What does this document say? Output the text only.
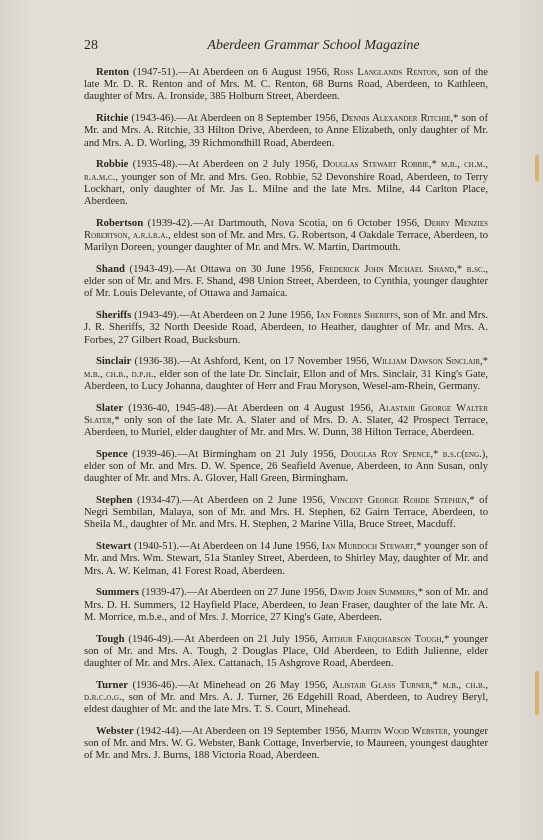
28	Aberdeen Grammar School Magazine

Renton (1947-51).—At Aberdeen on 6 August 1956, Ross Langlands Renton, son of the late Mr. D. R. Renton and of Mrs. M. C. Renton, 68 Burns Road, Aberdeen, to Kathleen, daughter of Mrs. A. Ironside, 385 Holburn Street, Aberdeen.

Ritchie (1943-46).—At Aberdeen on 8 September 1956, Dennis Alexander Ritchie,* son of Mr. and Mrs. A. Ritchie, 33 Hilton Drive, Aberdeen, to Anne Elizabeth, only daughter of Mr. and Mrs. A. D. Worling, 39 Richmondhill Road, Aberdeen.

Robbie (1935-48).—At Aberdeen on 2 July 1956, Douglas Stewart Robbie,* m.b., ch.m., r.a.m.c., younger son of Mr. and Mrs. Geo. Robbie, 52 Devonshire Road, Aberdeen, to Terry Lockhart, only daughter of Mr. Jas L. Milne and the late Mrs. Milne, 44 Carlton Place, Aberdeen.

Robertson (1939-42).—At Dartmouth, Nova Scotia, on 6 October 1956, Derry Menzies Robertson, a.r.i.b.a., eldest son of Mr. and Mrs. G. Robertson, 4 Oakdale Terrace, Aberdeen, to Marilyn Doreen, younger daughter of Mr. and Mrs. W. Martin, Dartmouth.

Shand (1943-49).—At Ottawa on 30 June 1956, Frederick John Michael Shand,* b.sc., elder son of Mr. and Mrs. F. Shand, 498 Union Street, Aberdeen, to Cynthia, younger daughter of Mr. Louis Delevante, of Ottawa and Jamaica.

Sheriffs (1943-49).—At Aberdeen on 2 June 1956, Ian Forbes Sheriffs, son of Mr. and Mrs. J. R. Sheriffs, 32 North Deeside Road, Aberdeen, to Heather, daughter of Mr. and Mrs. A. Forbes, 27 Gilbert Road, Bucksburn.

Sinclair (1936-38).—At Ashford, Kent, on 17 November 1956, William Dawson Sinclair,* m.b., ch.b., d.p.h., elder son of the late Dr. Sinclair, Ellon and of Mrs. Sinclair, 31 King's Gate, Aberdeen, to Lucy Johanna, daughter of Herr and Frau Moryson, Wesel-am-Rhein, Germany.

Slater (1936-40, 1945-48).—At Aberdeen on 4 August 1956, Alastair George Walter Slater,* only son of the late Mr. A. Slater and of Mrs. D. A. Slater, 42 Prospect Terrace, Aberdeen, to Muriel, elder daughter of Mr. and Mrs. W. Dunn, 38 Hilton Terrace, Aberdeen.

Spence (1939-46).—At Birmingham on 21 July 1956, Douglas Roy Spence,* b.s.c(eng.), elder son of Mr. and Mrs. D. W. Spence, 26 Seafield Avenue, Aberdeen, to Ann Susan, only daughter of Mr. and Mrs. A. Glover, Hall Green, Birmingham.

Stephen (1934-47).—At Aberdeen on 2 June 1956, Vincent George Rohde Stephen,* of Negri Sembilan, Malaya, son of Mr. and Mrs. H. Stephen, 62 Gairn Terrace, Aberdeen, to Sheila M., daughter of Mr. and Mrs. H. Stephen, 2 Marine Villa, Bruce Street, Macduff.

Stewart (1940-51).—At Aberdeen on 14 June 1956, Ian Murdoch Stewart,* younger son of Mr. and Mrs. Wm. Stewart, 51a Stanley Street, Aberdeen, to Shirley May, daughter of Mr. and Mrs. A. W. Kelman, 41 Forest Road, Aberdeen.

Summers (1939-47).—At Aberdeen on 27 June 1956, David John Summers,* son of Mr. and Mrs. D. H. Summers, 12 Hayfield Place, Aberdeen, to Jean Fraser, daughter of the late Mr. A. M. Morrice, m.b.e., and of Mrs. J. Morrice, 27 King's Gate, Aberdeen.

Tough (1946-49).—At Aberdeen on 21 July 1956, Arthur Farquharson Tough,* younger son of Mr. and Mrs. A. Tough, 2 Douglas Place, Old Aberdeen, to Edith Julienne, elder daughter of Mr. and Mrs. Alex. Cattanach, 15 Ashgrove Road, Aberdeen.

Turner (1936-46).—At Minehead on 26 May 1956, Alistair Glass Turner,* m.b., ch.b., d.r.c.o.g., son of Mr. and Mrs. A. J. Turner, 26 Edgehill Road, Aberdeen, to Audrey Beryl, eldest daughter of Mr. and the late Mrs. T. S. Court, Minehead.

Webster (1942-44).—At Aberdeen on 19 September 1956, Martin Wood Webster, younger son of Mr. and Mrs. W. G. Webster, Bank Cottage, Inverbervie, to Maureen, youngest daughter of Mr. and Mrs. J. Burns, 188 Victoria Road, Aberdeen.
